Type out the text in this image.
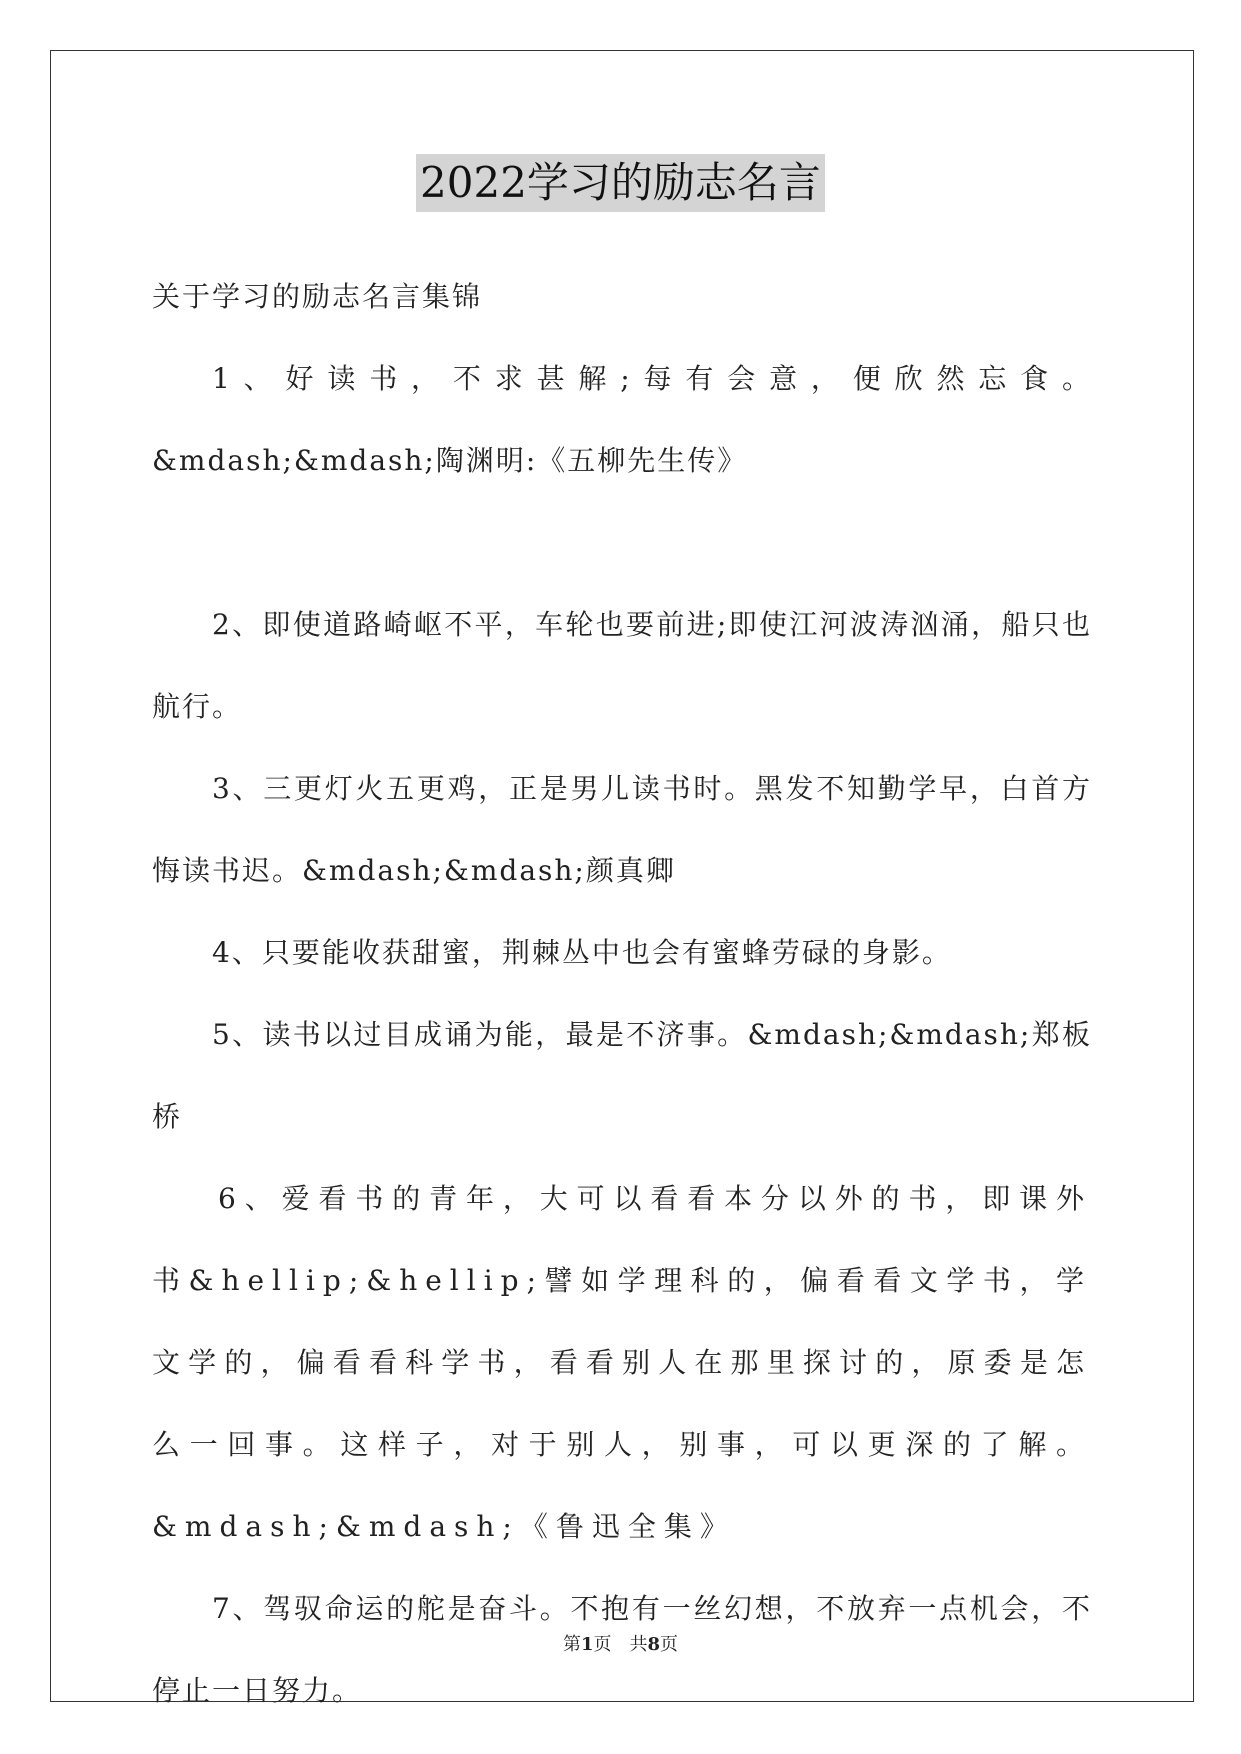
2022学习的励志名言

关于学习的励志名言集锦

1、好读书，不求甚解;每有会意，便欣然忘食。&mdash;&mdash;陶渊明:《五柳先生传》

2、即使道路崎岖不平，车轮也要前进;即使江河波涛汹涌，船只也航行。

3、三更灯火五更鸡，正是男儿读书时。黑发不知勤学早，白首方悔读书迟。&mdash;&mdash;颜真卿

4、只要能收获甜蜜，荆棘丛中也会有蜜蜂劳碌的身影。

5、读书以过目成诵为能，最是不济事。&mdash;&mdash;郑板桥

6、爱看书的青年，大可以看看本分以外的书，即课外书&hellip;&hellip;譬如学理科的，偏看看文学书，学文学的，偏看看科学书，看看别人在那里探讨的，原委是怎么一回事。这样子，对于别人，别事，可以更深的了解。&mdash;&mdash;《鲁迅全集》

7、驾驭命运的舵是奋斗。不抱有一丝幻想，不放弃一点机会，不停止一日努力。

第1页　共8页
